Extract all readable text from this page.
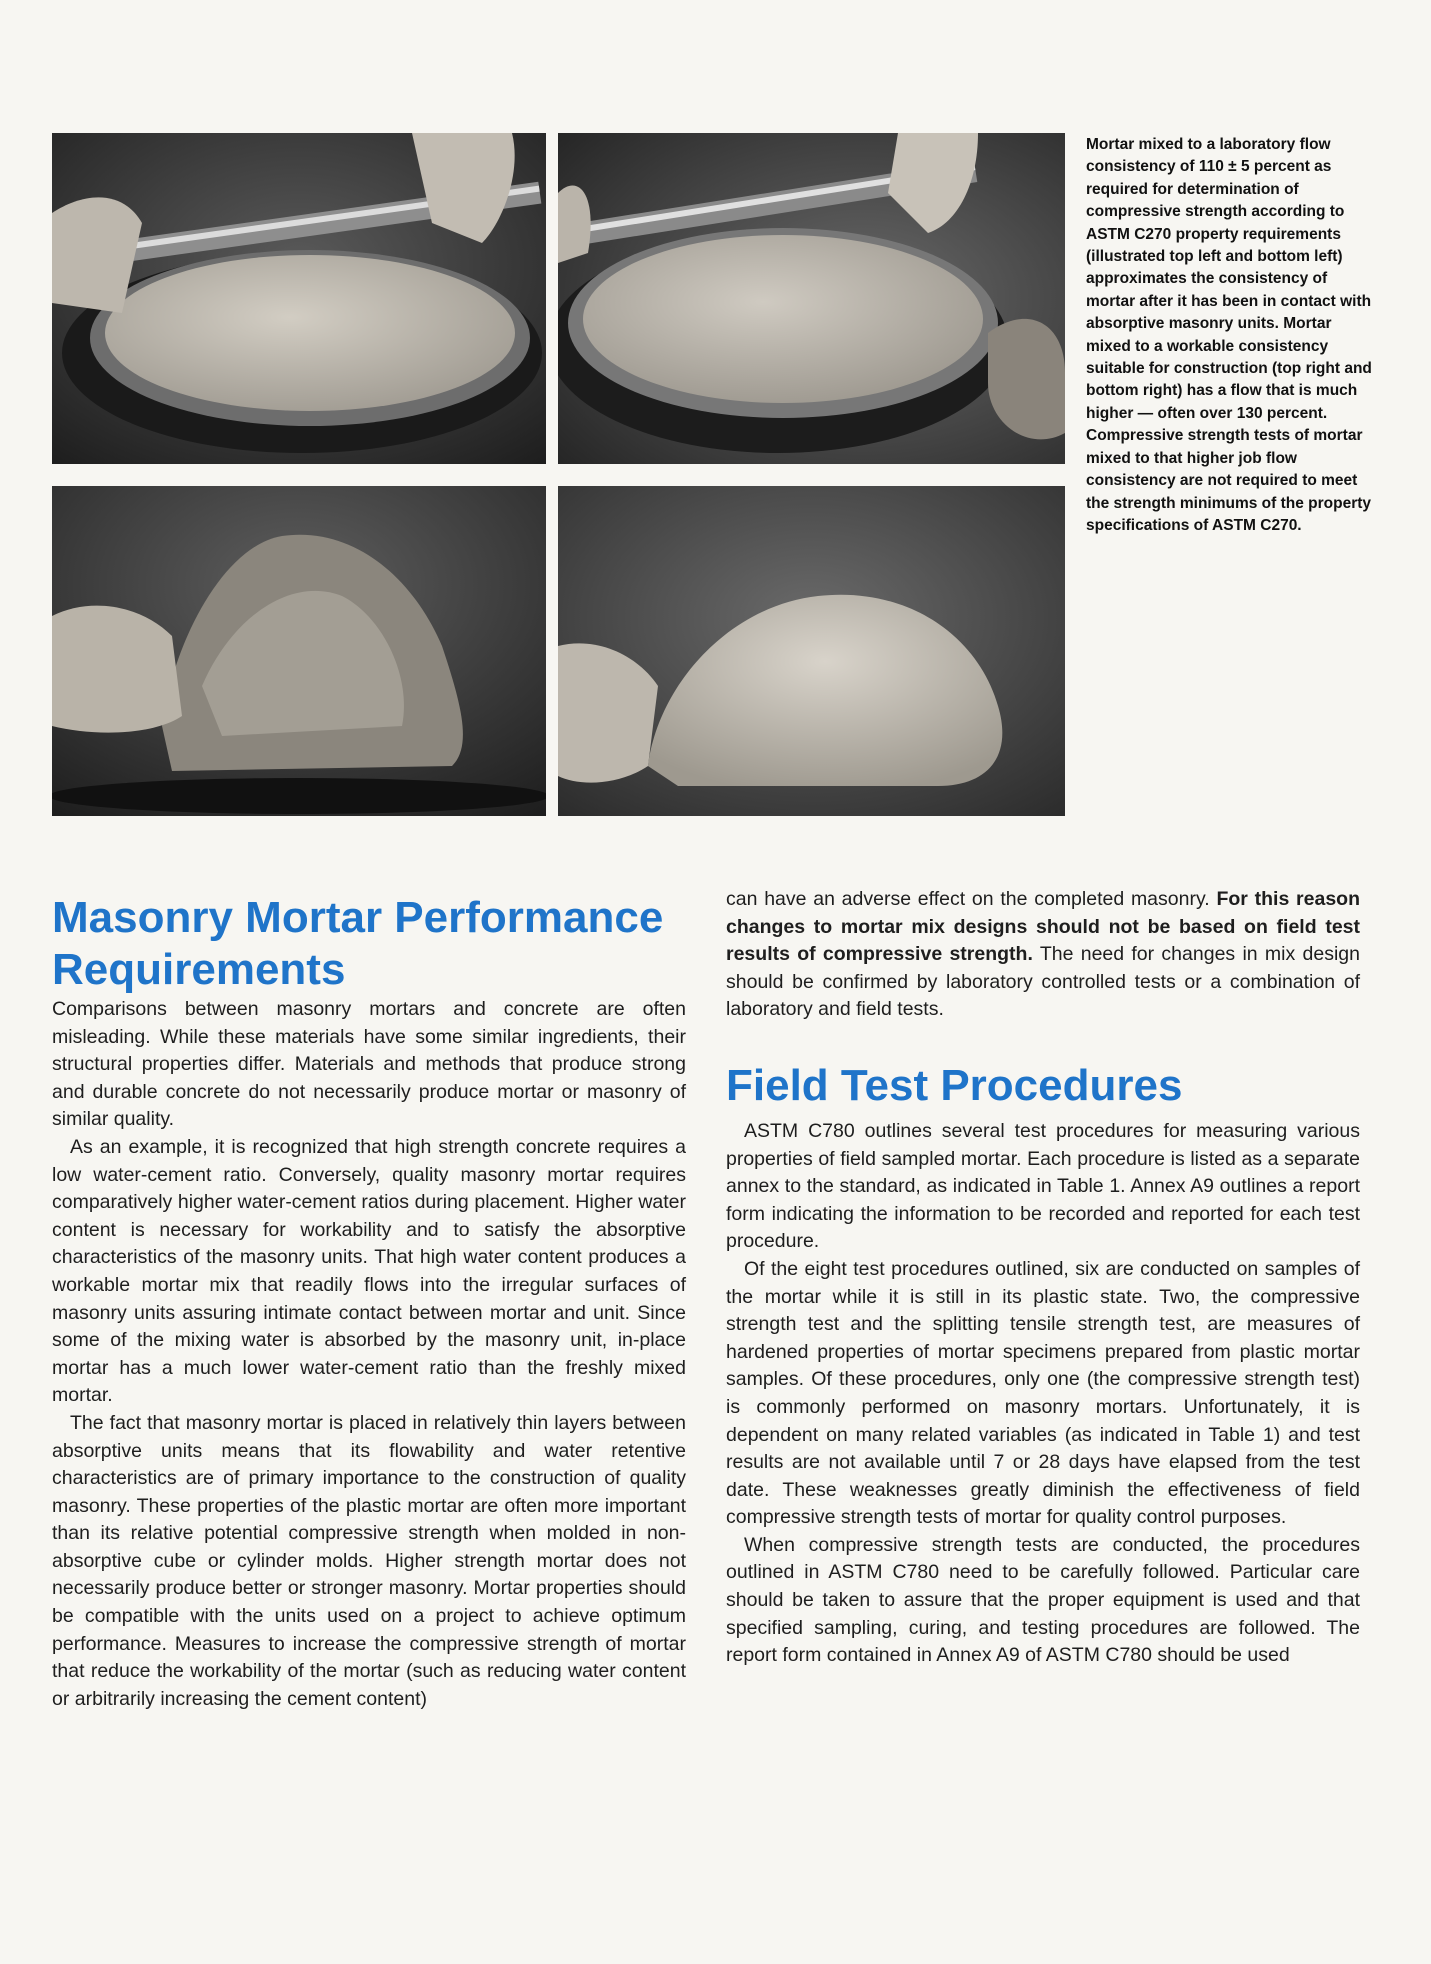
Mortar mixed to a laboratory flow consistency of 110 ± 5 percent as required for determination of compressive strength according to ASTM C270 property requirements (illustrated top left and bottom left) approximates the consistency of mortar after it has been in contact with absorptive masonry units. Mortar mixed to a workable consistency suitable for construction (top right and bottom right) has a flow that is much higher — often over 130 percent. Compressive strength tests of mortar mixed to that higher job flow consistency are not required to meet the strength minimums of the property specifications of ASTM C270.
Masonry Mortar Performance Requirements

Comparisons between masonry mortars and concrete are often misleading. While these materials have some similar ingredients, their structural properties differ. Materials and methods that produce strong and durable concrete do not necessarily produce mortar or masonry of similar quality.

As an example, it is recognized that high strength concrete requires a low water-cement ratio. Conversely, quality masonry mortar requires comparatively higher water-cement ratios during placement. Higher water content is necessary for workability and to satisfy the absorptive characteristics of the masonry units. That high water content produces a workable mortar mix that readily flows into the irregular surfaces of masonry units assuring intimate contact between mortar and unit. Since some of the mixing water is absorbed by the masonry unit, in-place mortar has a much lower water-cement ratio than the freshly mixed mortar.

The fact that masonry mortar is placed in relatively thin layers between absorptive units means that its flowability and water retentive characteristics are of primary importance to the construction of quality masonry. These properties of the plastic mortar are often more important than its relative potential compressive strength when molded in non-absorptive cube or cylinder molds. Higher strength mortar does not necessarily produce better or stronger masonry. Mortar properties should be compatible with the units used on a project to achieve optimum performance. Measures to increase the compressive strength of mortar that reduce the workability of the mortar (such as reducing water content or arbitrarily increasing the cement content)

can have an adverse effect on the completed masonry. For this reason changes to mortar mix designs should not be based on field test results of compressive strength. The need for changes in mix design should be confirmed by laboratory controlled tests or a combination of laboratory and field tests.

Field Test Procedures

ASTM C780 outlines several test procedures for measuring various properties of field sampled mortar. Each procedure is listed as a separate annex to the standard, as indicated in Table 1. Annex A9 outlines a report form indicating the information to be recorded and reported for each test procedure.

Of the eight test procedures outlined, six are conducted on samples of the mortar while it is still in its plastic state. Two, the compressive strength test and the splitting tensile strength test, are measures of hardened properties of mortar specimens prepared from plastic mortar samples. Of these procedures, only one (the compressive strength test) is commonly performed on masonry mortars. Unfortunately, it is dependent on many related variables (as indicated in Table 1) and test results are not available until 7 or 28 days have elapsed from the test date. These weaknesses greatly diminish the effectiveness of field compressive strength tests of mortar for quality control purposes.

When compressive strength tests are conducted, the procedures outlined in ASTM C780 need to be carefully followed. Particular care should be taken to assure that the proper equipment is used and that specified sampling, curing, and testing procedures are followed. The report form contained in Annex A9 of ASTM C780 should be used
